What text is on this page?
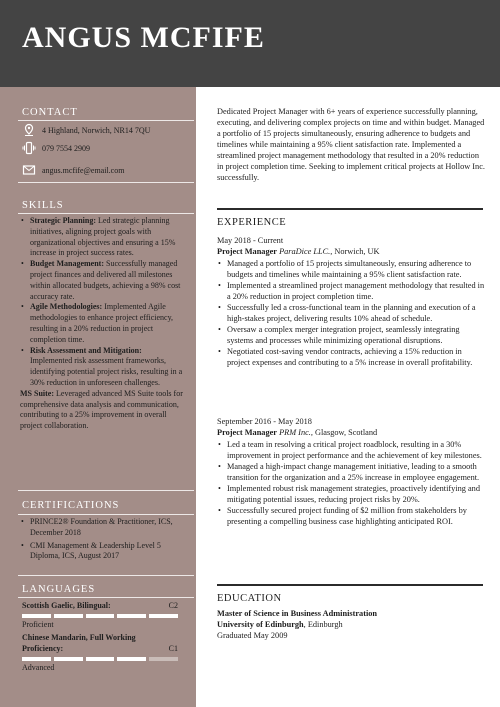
ANGUS MCFIFE
CONTACT
4 Highland, Norwich, NR14 7QU
079 7554 2909
angus.mcfife@email.com
SKILLS
• Strategic Planning: Led strategic planning initiatives, aligning project goals with organizational objectives and ensuring a 15% increase in project success rates.
• Budget Management: Successfully managed project finances and delivered all milestones within allocated budgets, achieving a 98% cost accuracy rate.
• Agile Methodologies: Implemented Agile methodologies to enhance project efficiency, resulting in a 20% reduction in project completion time.
• Risk Assessment and Mitigation: Implemented risk assessment frameworks, identifying potential project risks, resulting in a 30% reduction in unforeseen challenges.
MS Suite: Leveraged advanced MS Suite tools for comprehensive data analysis and communication, contributing to a 25% improvement in overall project collaboration.
CERTIFICATIONS
• PRINCE2® Foundation & Practitioner, ICS, December 2018
• CMI Management & Leadership Level 5 Diploma, ICS, August 2017
LANGUAGES
Scottish Gaelic, Bilingual:	C2
Proficient
Chinese Mandarin, Full Working Proficiency:	C1
Advanced
Dedicated Project Manager with 6+ years of experience successfully planning, executing, and delivering complex projects on time and within budget. Managed a portfolio of 15 projects simultaneously, ensuring adherence to budgets and timelines while maintaining a 95% client satisfaction rate. Implemented a streamlined project management methodology that resulted in a 20% reduction in project completion time. Seeking to implement critical projects at Hollow Inc. successfully.
EXPERIENCE
May 2018 - Current
Project Manager ParaDice LLC., Norwich, UK
• Managed a portfolio of 15 projects simultaneously, ensuring adherence to budgets and timelines while maintaining a 95% client satisfaction rate.
• Implemented a streamlined project management methodology that resulted in a 20% reduction in project completion time.
• Successfully led a cross-functional team in the planning and execution of a high-stakes project, delivering results 10% ahead of schedule.
• Oversaw a complex merger integration project, seamlessly integrating systems and processes while minimizing operational disruptions.
• Negotiated cost-saving vendor contracts, achieving a 15% reduction in project expenses and contributing to a 5% increase in overall profitability.
September 2016 - May 2018
Project Manager PRM Inc., Glasgow, Scotland
• Led a team in resolving a critical project roadblock, resulting in a 30% improvement in project performance and the achievement of key milestones.
• Managed a high-impact change management initiative, leading to a smooth transition for the organization and a 25% increase in employee engagement.
• Implemented robust risk management strategies, proactively identifying and mitigating potential issues, reducing project risks by 20%.
• Successfully secured project funding of $2 million from stakeholders by presenting a compelling business case highlighting anticipated ROI.
EDUCATION
Master of Science in Business Administration
University of Edinburgh, Edinburgh
Graduated May 2009
